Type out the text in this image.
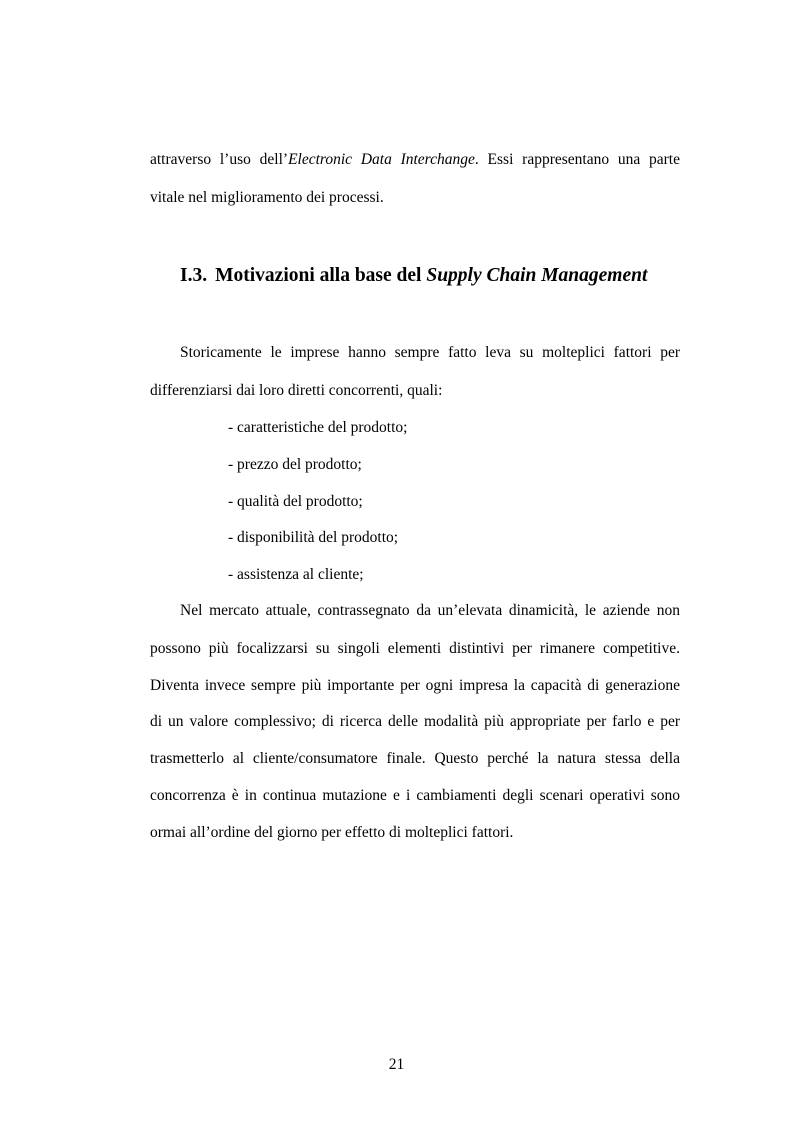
attraverso l’uso dell’Electronic Data Interchange. Essi rappresentano una parte

vitale nel miglioramento dei processi.

I.3. Motivazioni alla base del Supply Chain Management

Storicamente le imprese hanno sempre fatto leva su molteplici fattori per

differenziarsi dai loro diretti concorrenti, quali:

- caratteristiche del prodotto;

- prezzo del prodotto;

- qualità del prodotto;

- disponibilità del prodotto;

- assistenza al cliente;

Nel mercato attuale, contrassegnato da un’elevata dinamicità, le aziende non

possono più focalizzarsi su singoli elementi distintivi per rimanere competitive.

Diventa invece sempre più importante per ogni impresa la capacità di generazione

di un valore complessivo; di ricerca delle modalità più appropriate per farlo e per

trasmetterlo al cliente/consumatore finale. Questo perché la natura stessa della

concorrenza è in continua mutazione e i cambiamenti degli scenari operativi sono

ormai all’ordine del giorno per effetto di molteplici fattori.

21
